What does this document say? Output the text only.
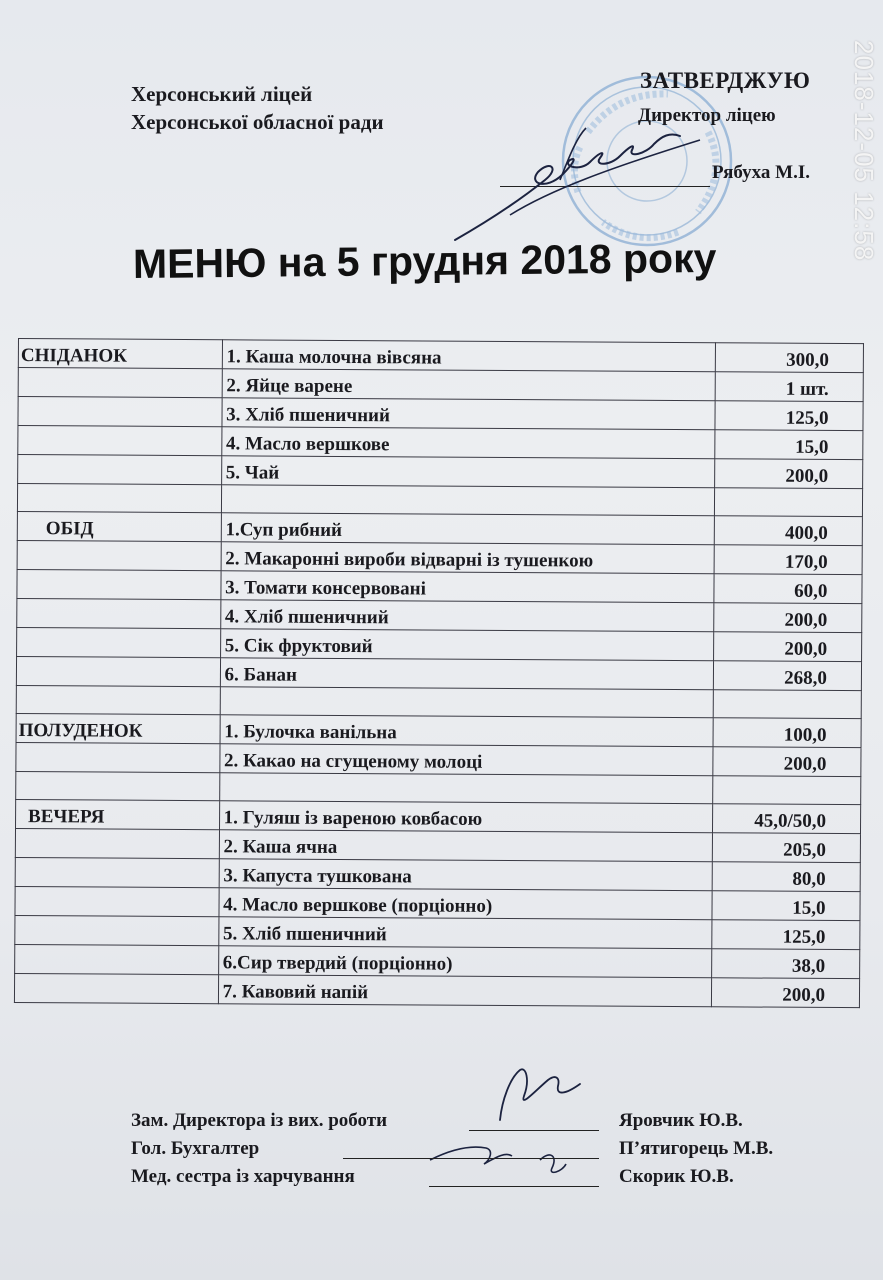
2018-12-05 12:58
Херсонський ліцей
Херсонської обласної ради
ЗАТВЕРДЖУЮ
Директор ліцею
Рябуха М.І.
МЕНЮ на 5 грудня 2018 року
СНІДАНОК	1. Каша молочна вівсяна	300,0
	2. Яйце варене	1 шт.
	3. Хліб пшеничний	125,0
	4. Масло вершкове	15,0
	5. Чай	200,0

ОБІД	1.Суп рибний	400,0
	2. Макаронні вироби відварні із тушенкою	170,0
	3. Томати консервовані	60,0
	4. Хліб пшеничний	200,0
	5. Сік фруктовий	200,0
	6. Банан	268,0

ПОЛУДЕНОК	1. Булочка ванільна	100,0
	2. Какао на сгущеному молоці	200,0

ВЕЧЕРЯ	1. Гуляш із вареною ковбасою	45,0/50,0
	2. Каша ячна	205,0
	3. Капуста тушкована	80,0
	4. Масло вершкове (порціонно)	15,0
	5. Хліб пшеничний	125,0
	6.Сир твердий (порціонно)	38,0
	7. Кавовий напій	200,0
Зам. Директора із вих. роботи	Яровчик Ю.В.
Гол. Бухгалтер	П’ятигорець М.В.
Мед. сестра із харчування	Скорик Ю.В.
